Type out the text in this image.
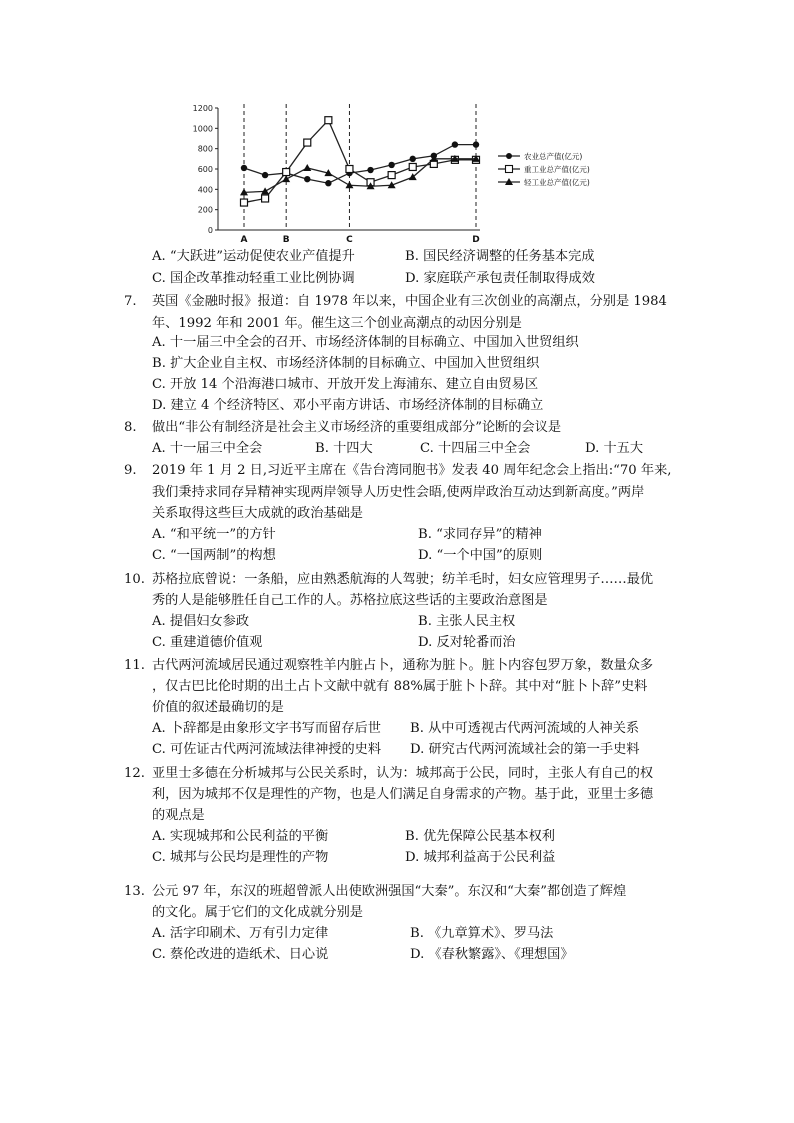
0
200
400
600
800
1000
1200
A	B	C	D
农业总产值(亿元)
重工业总产值(亿元)
轻工业总产值(亿元)
A. “大跃进”运动促使农业产值提升	B. 国民经济调整的任务基本完成
C. 国企改革推动轻重工业比例协调	D. 家庭联产承包责任制取得成效
7. 英国《金融时报》报道：自 1978 年以来，中国企业有三次创业的高潮点，分别是 1984
年、1992 年和 2001 年。催生这三个创业高潮点的动因分别是
A. 十一届三中全会的召开、市场经济体制的目标确立、中国加入世贸组织
B. 扩大企业自主权、市场经济体制的目标确立、中国加入世贸组织
C. 开放 14 个沿海港口城市、开放开发上海浦东、建立自由贸易区
D. 建立 4 个经济特区、邓小平南方讲话、市场经济体制的目标确立
8. 做出“非公有制经济是社会主义市场经济的重要组成部分”论断的会议是
A. 十一届三中全会	B. 十四大	C. 十四届三中全会	D. 十五大
9. 2019 年 1 月 2 日,习近平主席在《告台湾同胞书》发表 40 周年纪念会上指出:“70 年来,
我们秉持求同存异精神实现两岸领导人历史性会晤,使两岸政治互动达到新高度。”两岸
关系取得这些巨大成就的政治基础是
A. “和平统一”的方针	B. “求同存异”的精神
C. “一国两制”的构想	D. “一个中国”的原则
10. 苏格拉底曾说：一条船，应由熟悉航海的人驾驶；纺羊毛时，妇女应管理男子……最优
秀的人是能够胜任自己工作的人。苏格拉底这些话的主要政治意图是
A. 提倡妇女参政	B. 主张人民主权
C. 重建道德价值观	D. 反对轮番而治
11. 古代两河流域居民通过观察牲羊内脏占卜，通称为脏卜。脏卜内容包罗万象，数量众多
，仅古巴比伦时期的出土占卜文献中就有 88%属于脏卜卜辞。其中对“脏卜卜辞”史料
价值的叙述最确切的是
A. 卜辞都是由象形文字书写而留存后世 B. 从中可透视古代两河流域的人神关系
C. 可佐证古代两河流域法律神授的史料 D. 研究古代两河流域社会的第一手史料
12. 亚里士多德在分析城邦与公民关系时，认为：城邦高于公民，同时，主张人有自己的权
利，因为城邦不仅是理性的产物，也是人们满足自身需求的产物。基于此，亚里士多德
的观点是
A. 实现城邦和公民利益的平衡	B. 优先保障公民基本权利
C. 城邦与公民均是理性的产物	D. 城邦利益高于公民利益
13. 公元 97 年，东汉的班超曾派人出使欧洲强国“大秦”。东汉和“大秦”都创造了辉煌
的文化。属于它们的文化成就分别是
A. 活字印刷术、万有引力定律	B. 《九章算术》、罗马法
C. 蔡伦改进的造纸术、日心说	D. 《春秋繁露》、《理想国》
